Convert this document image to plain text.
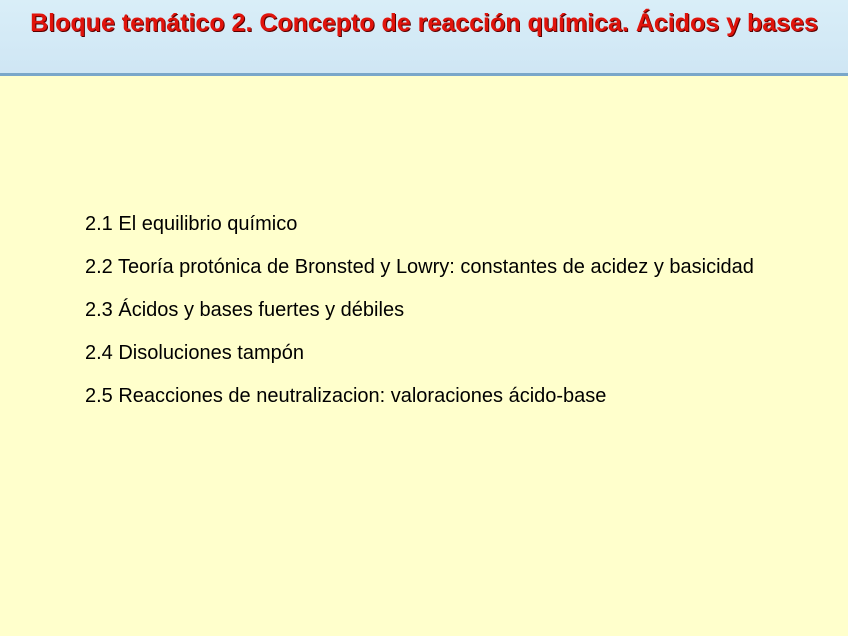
Bloque temático 2. Concepto de reacción química. Ácidos y bases
2.1 El equilibrio químico
2.2 Teoría protónica de Bronsted y Lowry: constantes de acidez y basicidad
2.3 Ácidos y bases fuertes y débiles
2.4 Disoluciones tampón
2.5 Reacciones de neutralizacion: valoraciones ácido-base
